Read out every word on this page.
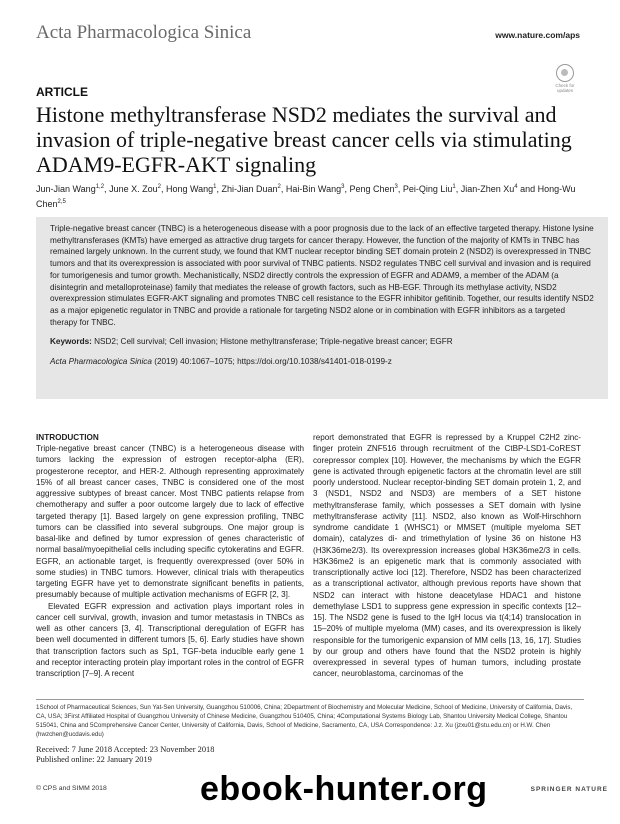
Acta Pharmacologica Sinica	www.nature.com/aps
Check for updates
ARTICLE
Histone methyltransferase NSD2 mediates the survival and invasion of triple-negative breast cancer cells via stimulating ADAM9-EGFR-AKT signaling
Jun-Jian Wang$^{1,2}$, June X. Zou$^2$, Hong Wang$^1$, Zhi-Jian Duan$^2$, Hai-Bin Wang$^3$, Peng Chen$^3$, Pei-Qing Liu$^1$, Jian-Zhen Xu$^4$ and Hong-Wu Chen$^{2,5}$

Triple-negative breast cancer (TNBC) is a heterogeneous disease with a poor prognosis due to the lack of an effective targeted therapy. Histone lysine methyltransferases (KMTs) have emerged as attractive drug targets for cancer therapy. However, the function of the majority of KMTs in TNBC has remained largely unknown. In the current study, we found that KMT nuclear receptor binding SET domain protein 2 (NSD2) is overexpressed in TNBC tumors and that its overexpression is associated with poor survival of TNBC patients. NSD2 regulates TNBC cell survival and invasion and is required for tumorigenesis and tumor growth. Mechanistically, NSD2 directly controls the expression of EGFR and ADAM9, a member of the ADAM (a disintegrin and metalloproteinase) family that mediates the release of growth factors, such as HB-EGF. Through its methylase activity, NSD2 overexpression stimulates EGFR-AKT signaling and promotes TNBC cell resistance to the EGFR inhibitor gefitinib. Together, our results identify NSD2 as a major epigenetic regulator in TNBC and provide a rationale for targeting NSD2 alone or in combination with EGFR inhibitors as a targeted therapy for TNBC.

Keywords: NSD2; Cell survival; Cell invasion; Histone methyltransferase; Triple-negative breast cancer; EGFR

Acta Pharmacologica Sinica (2019) 40:1067–1075; https://doi.org/10.1038/s41401-018-0199-z

INTRODUCTION

Triple-negative breast cancer (TNBC) is a heterogeneous disease with tumors lacking the expression of estrogen receptor-alpha (ER), progesterone receptor, and HER-2. Although representing approximately 15% of all breast cancer cases, TNBC is considered one of the most aggressive subtypes of breast cancer. Most TNBC patients relapse from chemotherapy and suffer a poor outcome largely due to lack of effective targeted therapy [1]. Based largely on gene expression profiling, TNBC tumors can be classified into several subgroups. One major group is basal-like and defined by tumor expression of genes characteristic of normal basal/myoepithelial cells including specific cytokeratins and EGFR. EGFR, an actionable target, is frequently overexpressed (over 50% in some studies) in TNBC tumors. However, clinical trials with therapeutics targeting EGFR have yet to demonstrate significant benefits in patients, presumably because of multiple activation mechanisms of EGFR [2, 3].

Elevated EGFR expression and activation plays important roles in cancer cell survival, growth, invasion and tumor metastasis in TNBCs as well as other cancers [3, 4]. Transcriptional deregulation of EGFR has been well documented in different tumors [5, 6]. Early studies have shown that transcription factors such as Sp1, TGF-beta inducible early gene 1 and receptor interacting protein play important roles in the control of EGFR transcription [7–9]. A recent

report demonstrated that EGFR is repressed by a Kruppel C2H2 zinc-finger protein ZNF516 through recruitment of the CtBP-LSD1-CoREST corepressor complex [10]. However, the mechanisms by which the EGFR gene is activated through epigenetic factors at the chromatin level are still poorly understood. Nuclear receptor-binding SET domain protein 1, 2, and 3 (NSD1, NSD2 and NSD3) are members of a SET histone methyltransferase family, which possesses a SET domain with lysine methyltransferase activity [11]. NSD2, also known as Wolf-Hirschhorn syndrome candidate 1 (WHSC1) or MMSET (multiple myeloma SET domain), catalyzes di- and trimethylation of lysine 36 on histone H3 (H3K36me2/3). Its overexpression increases global H3K36me2/3 in cells. H3K36me2 is an epigenetic mark that is commonly associated with transcriptionally active loci [12]. Therefore, NSD2 has been characterized as a transcriptional activator, although previous reports have shown that NSD2 can interact with histone deacetylase HDAC1 and histone demethylase LSD1 to suppress gene expression in specific contexts [12–15]. The NSD2 gene is fused to the IgH locus via t(4;14) translocation in 15–20% of multiple myeloma (MM) cases, and its overexpression is likely responsible for the tumorigenic expansion of MM cells [13, 16, 17]. Studies by our group and others have found that the NSD2 protein is highly overexpressed in several types of human tumors, including prostate cancer, neuroblastoma, carcinomas of the

1School of Pharmaceutical Sciences, Sun Yat-Sen University, Guangzhou 510006, China; 2Department of Biochemistry and Molecular Medicine, School of Medicine, University of California, Davis, CA, USA; 3First Affiliated Hospital of Guangzhou University of Chinese Medicine, Guangzhou 510405, China; 4Computational Systems Biology Lab, Shantou University Medical College, Shantou 515041, China and 5Comprehensive Cancer Center, University of California, Davis, School of Medicine, Sacramento, CA, USA Correspondence: J.z. Xu (jzxu01@stu.edu.cn) or H.W. Chen (hwzchen@ucdavis.edu)
Received: 7 June 2018 Accepted: 23 November 2018
Published online: 22 January 2019
© CPS and SIMM 2018	ebook-hunter.org	SPRINGER NATURE
